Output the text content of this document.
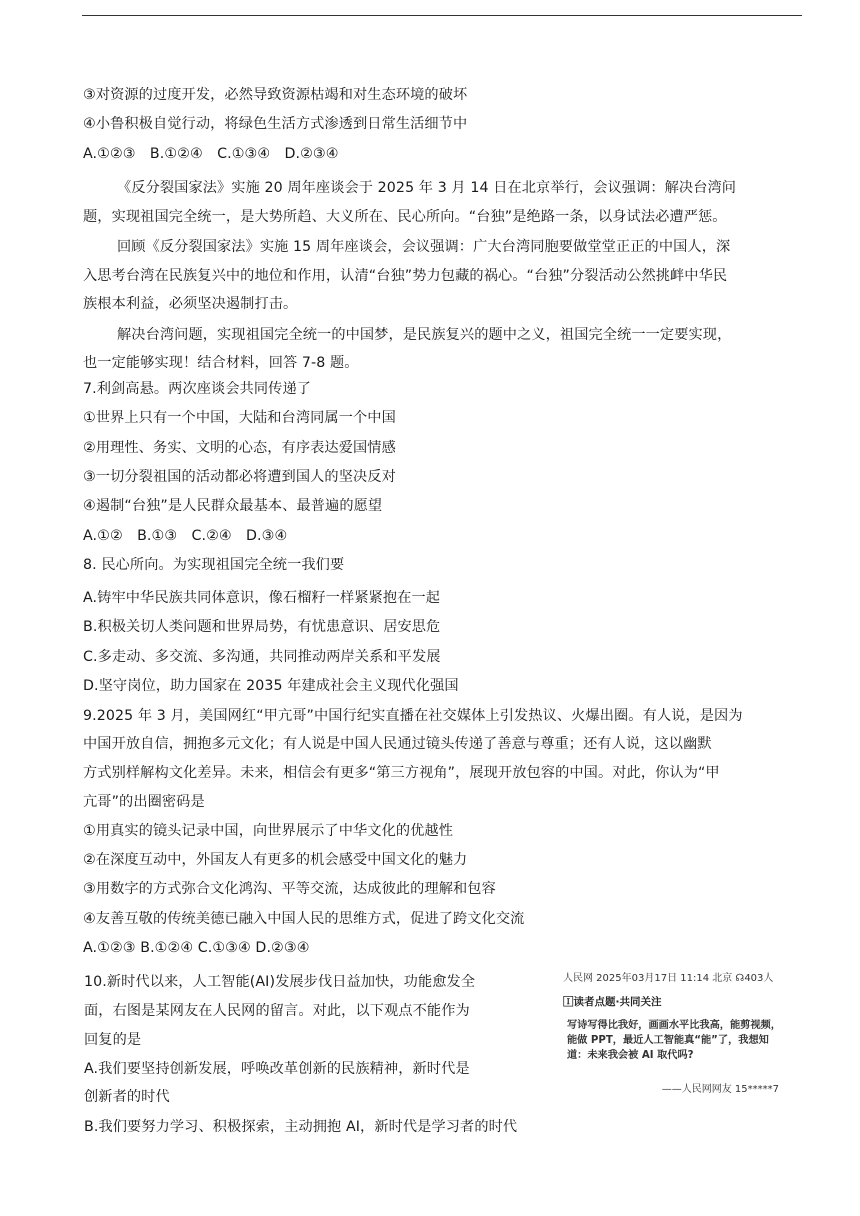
③对资源的过度开发，必然导致资源枯竭和对生态环境的破坏
④小鲁积极自觉行动，将绿色生活方式渗透到日常生活细节中
A.①②③　B.①②④　C.①③④　D.②③④
《反分裂国家法》实施 20 周年座谈会于 2025 年 3 月 14 日在北京举行，会议强调：解决台湾问
题，实现祖国完全统一，是大势所趋、大义所在、民心所向。“台独”是绝路一条，以身试法必遭严惩。
回顾《反分裂国家法》实施 15 周年座谈会，会议强调：广大台湾同胞要做堂堂正正的中国人，深
入思考台湾在民族复兴中的地位和作用，认清“台独”势力包藏的祸心。“台独”分裂活动公然挑衅中华民
族根本利益，必须坚决遏制打击。
解决台湾问题，实现祖国完全统一的中国梦，是民族复兴的题中之义，祖国完全统一一定要实现，
也一定能够实现！结合材料，回答 7-8 题。
7.利剑高悬。两次座谈会共同传递了
①世界上只有一个中国，大陆和台湾同属一个中国
②用理性、务实、文明的心态，有序表达爱国情感
③一切分裂祖国的活动都必将遭到国人的坚决反对
④遏制“台独”是人民群众最基本、最普遍的愿望
A.①②　B.①③　C.②④　D.③④
8. 民心所向。为实现祖国完全统一我们要
A.铸牢中华民族共同体意识，像石榴籽一样紧紧抱在一起
B.积极关切人类问题和世界局势，有忧患意识、居安思危
C.多走动、多交流、多沟通，共同推动两岸关系和平发展
D.坚守岗位，助力国家在 2035 年建成社会主义现代化强国
9.2025 年 3 月，美国网红“甲亢哥”中国行纪实直播在社交媒体上引发热议、火爆出圈。有人说，是因为
中国开放自信，拥抱多元文化；有人说是中国人民通过镜头传递了善意与尊重；还有人说，这以幽默
方式别样解构文化差异。未来，相信会有更多“第三方视角”，展现开放包容的中国。对此，你认为“甲
亢哥”的出圈密码是
①用真实的镜头记录中国，向世界展示了中华文化的优越性
②在深度互动中，外国友人有更多的机会感受中国文化的魅力
③用数字的方式弥合文化鸿沟、平等交流，达成彼此的理解和包容
④友善互敬的传统美德已融入中国人民的思维方式，促进了跨文化交流
A.①②③ B.①②④ C.①③④ D.②③④
10.新时代以来，人工智能(AI)发展步伐日益加快，功能愈发全
面，右图是某网友在人民网的留言。对此，以下观点不能作为
回复的是
A.我们要坚持创新发展，呼唤改革创新的民族精神，新时代是
创新者的时代
B.我们要努力学习、积极探索，主动拥抱 AI，新时代是学习者的时代
人民网 2025年03月17日 11:14 北京 ☊403人
🄸读者点题·共同关注
写诗写得比我好，画画水平比我高，能剪视频，能做 PPT，最近人工智能真“能”了，我想知道：未来我会被 AI 取代吗?
——人民网网友 15*****7
